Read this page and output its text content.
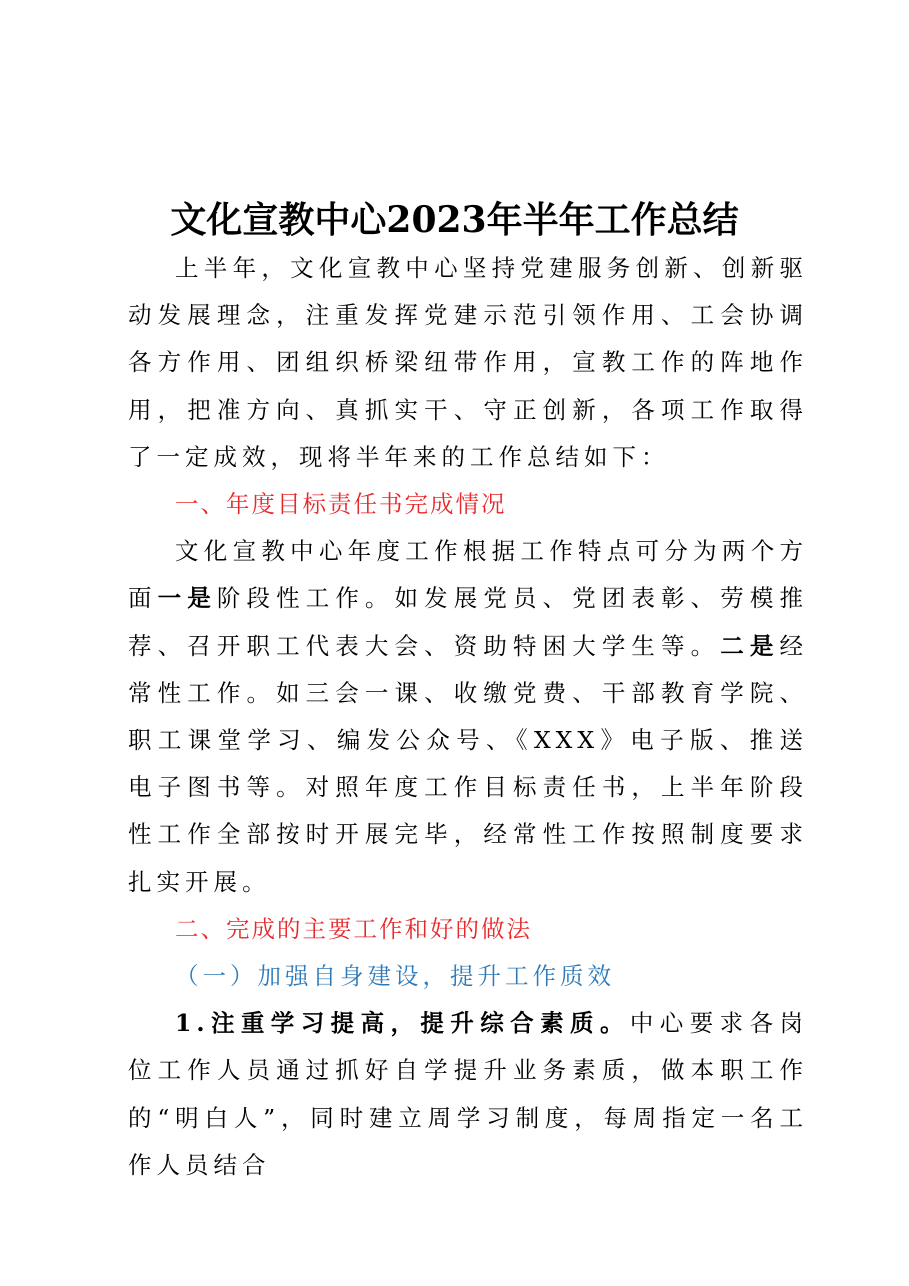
文化宣教中心2023年半年工作总结

上半年，文化宣教中心坚持党建服务创新、创新驱动发展理念，注重发挥党建示范引领作用、工会协调各方作用、团组织桥梁纽带作用，宣教工作的阵地作用，把准方向、真抓实干、守正创新，各项工作取得了一定成效，现将半年来的工作总结如下：

一、年度目标责任书完成情况

文化宣教中心年度工作根据工作特点可分为两个方面一是阶段性工作。如发展党员、党团表彰、劳模推荐、召开职工代表大会、资助特困大学生等。二是经常性工作。如三会一课、收缴党费、干部教育学院、职工课堂学习、编发公众号、《XXX》电子版、推送电子图书等。对照年度工作目标责任书，上半年阶段性工作全部按时开展完毕，经常性工作按照制度要求扎实开展。

二、完成的主要工作和好的做法

（一）加强自身建设，提升工作质效

1.注重学习提高，提升综合素质。中心要求各岗位工作人员通过抓好自学提升业务素质，做本职工作的“明白人”，同时建立周学习制度，每周指定一名工作人员结合
